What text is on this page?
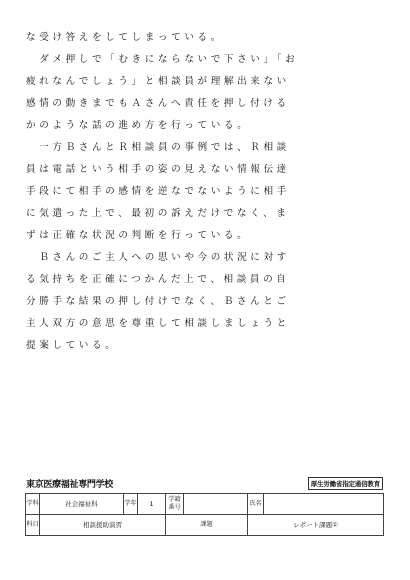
な受け答えをしてしまっている。
　ダメ押しで「むきにならないで下さい」「お
疲れなんでしょう」と相談員が理解出来ない
感情の動きまでもＡさんへ責任を押し付ける
かのような話の進め方を行っている。
　一方ＢさんとＲ相談員の事例では、Ｒ相談
員は電話という相手の姿の見えない情報伝達
手段にて相手の感情を逆なでないように相手
に気遣った上で、最初の訴えだけでなく、ま
ずは正確な状況の判断を行っている。
　Ｂさんのご主人への思いや今の状況に対す
る気持ちを正確につかんだ上で、相談員の自
分勝手な結果の押し付けでなく、Ｂさんとご
主人双方の意思を尊重して相談しましょうと
提案している。
東京医療福祉専門学校	厚生労働省指定通信教育
学科	社会福祉科	学年	1	学籍番号		氏名	
科目	相談援助演習			課題		レポート課題①	
